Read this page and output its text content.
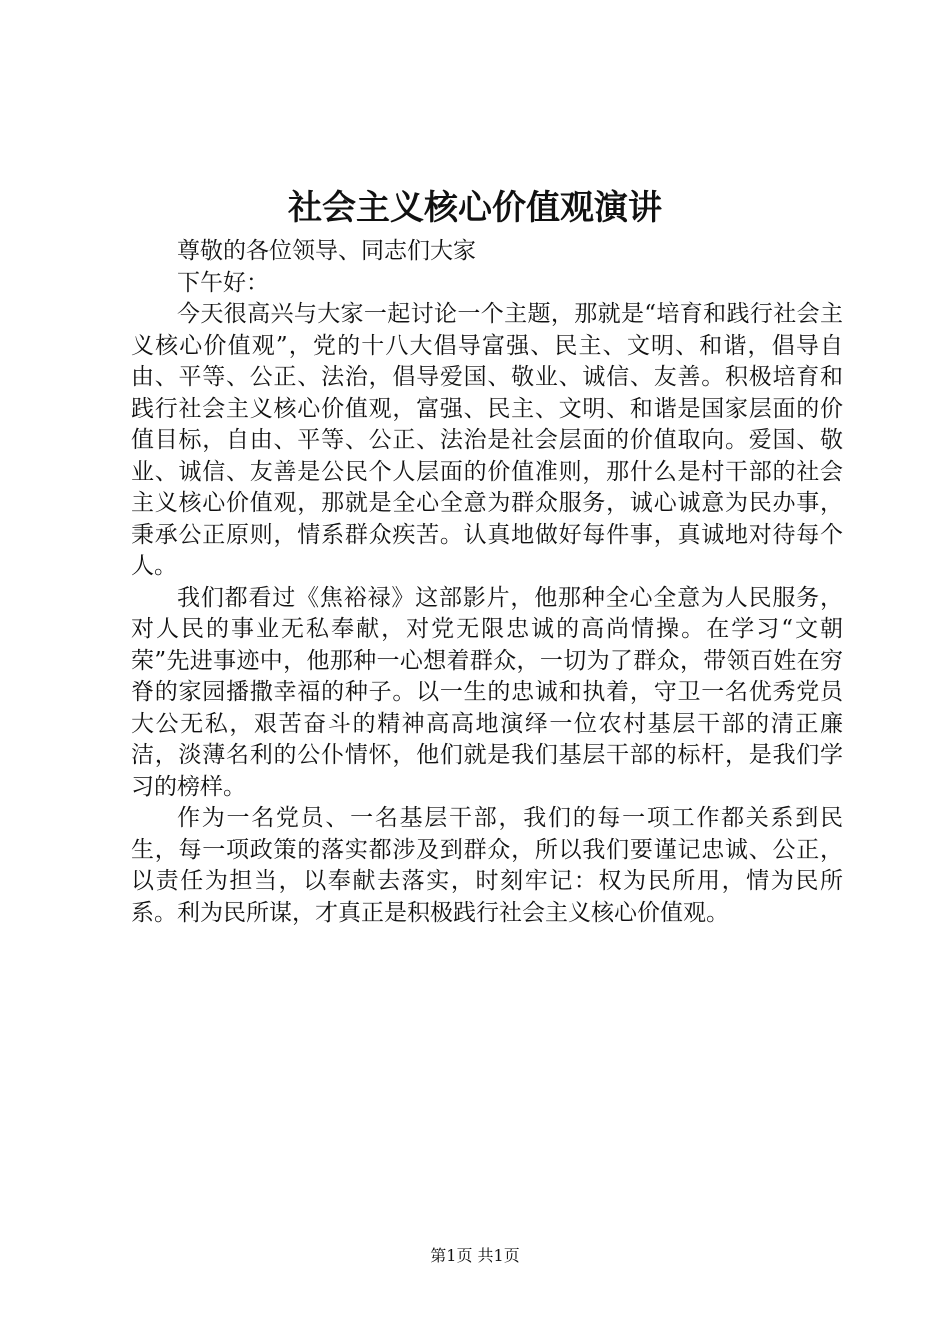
社会主义核心价值观演讲

尊敬的各位领导、同志们大家

下午好：

今天很高兴与大家一起讨论一个主题，那就是“培育和践行社会主义核心价值观”，党的十八大倡导富强、民主、文明、和谐，倡导自由、平等、公正、法治，倡导爱国、敬业、诚信、友善。积极培育和践行社会主义核心价值观，富强、民主、文明、和谐是国家层面的价值目标，自由、平等、公正、法治是社会层面的价值取向。爱国、敬业、诚信、友善是公民个人层面的价值准则，那什么是村干部的社会主义核心价值观，那就是全心全意为群众服务，诚心诚意为民办事，秉承公正原则，情系群众疾苦。认真地做好每件事，真诚地对待每个人。

我们都看过《焦裕禄》这部影片，他那种全心全意为人民服务，对人民的事业无私奉献，对党无限忠诚的高尚情操。在学习“文朝荣”先进事迹中，他那种一心想着群众，一切为了群众，带领百姓在穷脊的家园播撒幸福的种子。以一生的忠诚和执着，守卫一名优秀党员大公无私，艰苦奋斗的精神高高地演绎一位农村基层干部的清正廉洁，淡薄名利的公仆情怀，他们就是我们基层干部的标杆，是我们学习的榜样。

作为一名党员、一名基层干部，我们的每一项工作都关系到民生，每一项政策的落实都涉及到群众，所以我们要谨记忠诚、公正，以责任为担当，以奉献去落实，时刻牢记：权为民所用，情为民所系。利为民所谋，才真正是积极践行社会主义核心价值观。

第1页 共1页
